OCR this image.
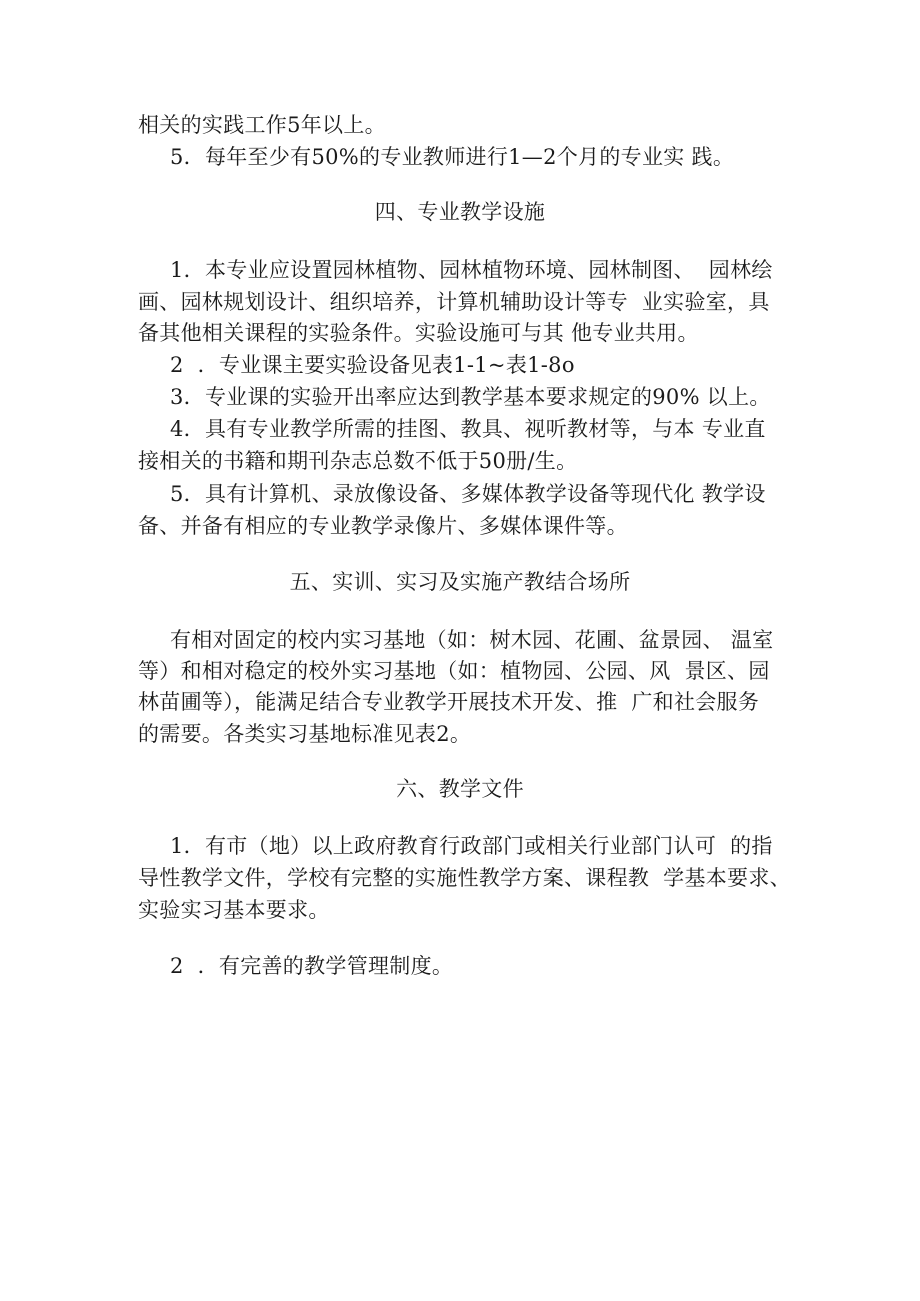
相关的实践工作5年以上。
5．每年至少有50%的专业教师进行1—2个月的专业实 践。
四、专业教学设施
1．本专业应设置园林植物、园林植物环境、园林制图、  园林绘
画、园林规划设计、组织培养，计算机辅助设计等专  业实验室，具
备其他相关课程的实验条件。实验设施可与其 他专业共用。
2  ．专业课主要实验设备见表1-1~表1-8o
3．专业课的实验开出率应达到教学基本要求规定的90% 以上。
4．具有专业教学所需的挂图、教具、视听教材等，与本 专业直
接相关的书籍和期刊杂志总数不低于50册/生。
5．具有计算机、录放像设备、多媒体教学设备等现代化 教学设
备、并备有相应的专业教学录像片、多媒体课件等。
五、实训、实习及实施产教结合场所
有相对固定的校内实习基地（如：树木园、花圃、盆景园、 温室
等）和相对稳定的校外实习基地（如：植物园、公园、风  景区、园
林苗圃等），能满足结合专业教学开展技术开发、推  广和社会服务
的需要。各类实习基地标准见表2。
六、教学文件
1．有市（地）以上政府教育行政部门或相关行业部门认可  的指
导性教学文件，学校有完整的实施性教学方案、课程教  学基本要求、
实验实习基本要求。
2  ．有完善的教学管理制度。
